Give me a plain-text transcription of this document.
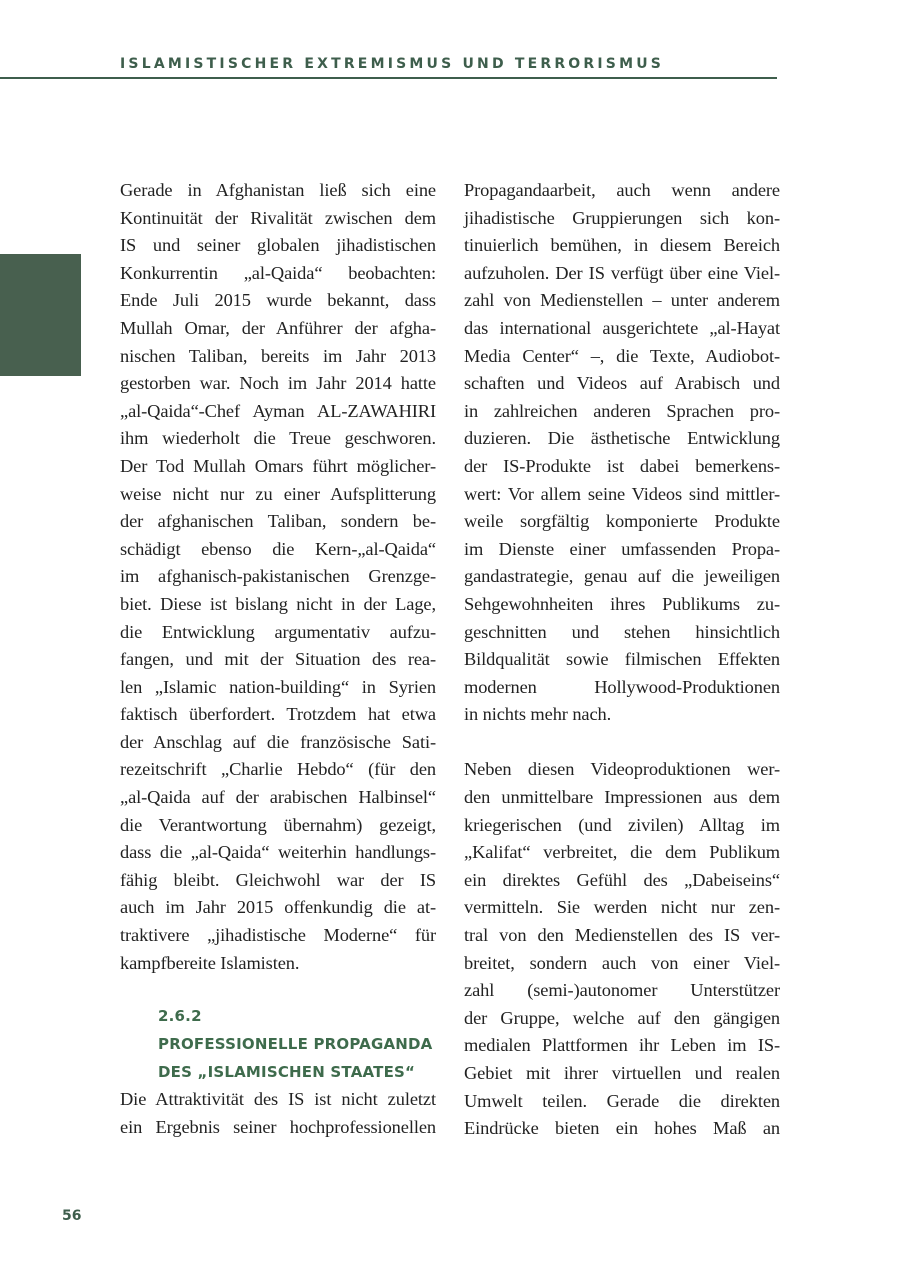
ISLAMISTISCHER EXTREMISMUS UND TERRORISMUS

Gerade in Afghanistan ließ sich eine
Kontinuität der Rivalität zwischen dem
IS und seiner globalen jihadistischen
Konkurrentin „al-Qaida“ beobachten:
Ende Juli 2015 wurde bekannt, dass
Mullah Omar, der Anführer der afgha-
nischen Taliban, bereits im Jahr 2013
gestorben war. Noch im Jahr 2014 hatte
„al-Qaida“-Chef Ayman AL-ZAWAHIRI
ihm wiederholt die Treue geschworen.
Der Tod Mullah Omars führt möglicher-
weise nicht nur zu einer Aufsplitterung
der afghanischen Taliban, sondern be-
schädigt ebenso die Kern-„al-Qaida“
im afghanisch-pakistanischen Grenzge-
biet. Diese ist bislang nicht in der Lage,
die Entwicklung argumentativ aufzu-
fangen, und mit der Situation des rea-
len „Islamic nation-building“ in Syrien
faktisch überfordert. Trotzdem hat etwa
der Anschlag auf die französische Sati-
rezeitschrift „Charlie Hebdo“ (für den
„al-Qaida auf der arabischen Halbinsel“
die Verantwortung übernahm) gezeigt,
dass die „al-Qaida“ weiterhin handlungs-
fähig bleibt. Gleichwohl war der IS
auch im Jahr 2015 offenkundig die at-
traktivere „jihadistische Moderne“ für
kampfbereite Islamisten.

2.6.2
PROFESSIONELLE PROPAGANDA
DES „ISLAMISCHEN STAATES“

Die Attraktivität des IS ist nicht zuletzt
ein Ergebnis seiner hochprofessionellen

Propagandaarbeit, auch wenn andere
jihadistische Gruppierungen sich kon-
tinuierlich bemühen, in diesem Bereich
aufzuholen. Der IS verfügt über eine Viel-
zahl von Medienstellen – unter anderem
das international ausgerichtete „al-Hayat
Media Center“ –, die Texte, Audiobot-
schaften und Videos auf Arabisch und
in zahlreichen anderen Sprachen pro-
duzieren. Die ästhetische Entwicklung
der IS-Produkte ist dabei bemerkens-
wert: Vor allem seine Videos sind mittler-
weile sorgfältig komponierte Produkte
im Dienste einer umfassenden Propa-
gandastrategie, genau auf die jeweiligen
Sehgewohnheiten ihres Publikums zu-
geschnitten und stehen hinsichtlich
Bildqualität sowie filmischen Effekten
modernen Hollywood-Produktionen
in nichts mehr nach.

Neben diesen Videoproduktionen wer-
den unmittelbare Impressionen aus dem
kriegerischen (und zivilen) Alltag im
„Kalifat“ verbreitet, die dem Publikum
ein direktes Gefühl des „Dabeiseins“
vermitteln. Sie werden nicht nur zen-
tral von den Medienstellen des IS ver-
breitet, sondern auch von einer Viel-
zahl (semi-)autonomer Unterstützer
der Gruppe, welche auf den gängigen
medialen Plattformen ihr Leben im IS-
Gebiet mit ihrer virtuellen und realen
Umwelt teilen. Gerade die direkten
Eindrücke bieten ein hohes Maß an

56
